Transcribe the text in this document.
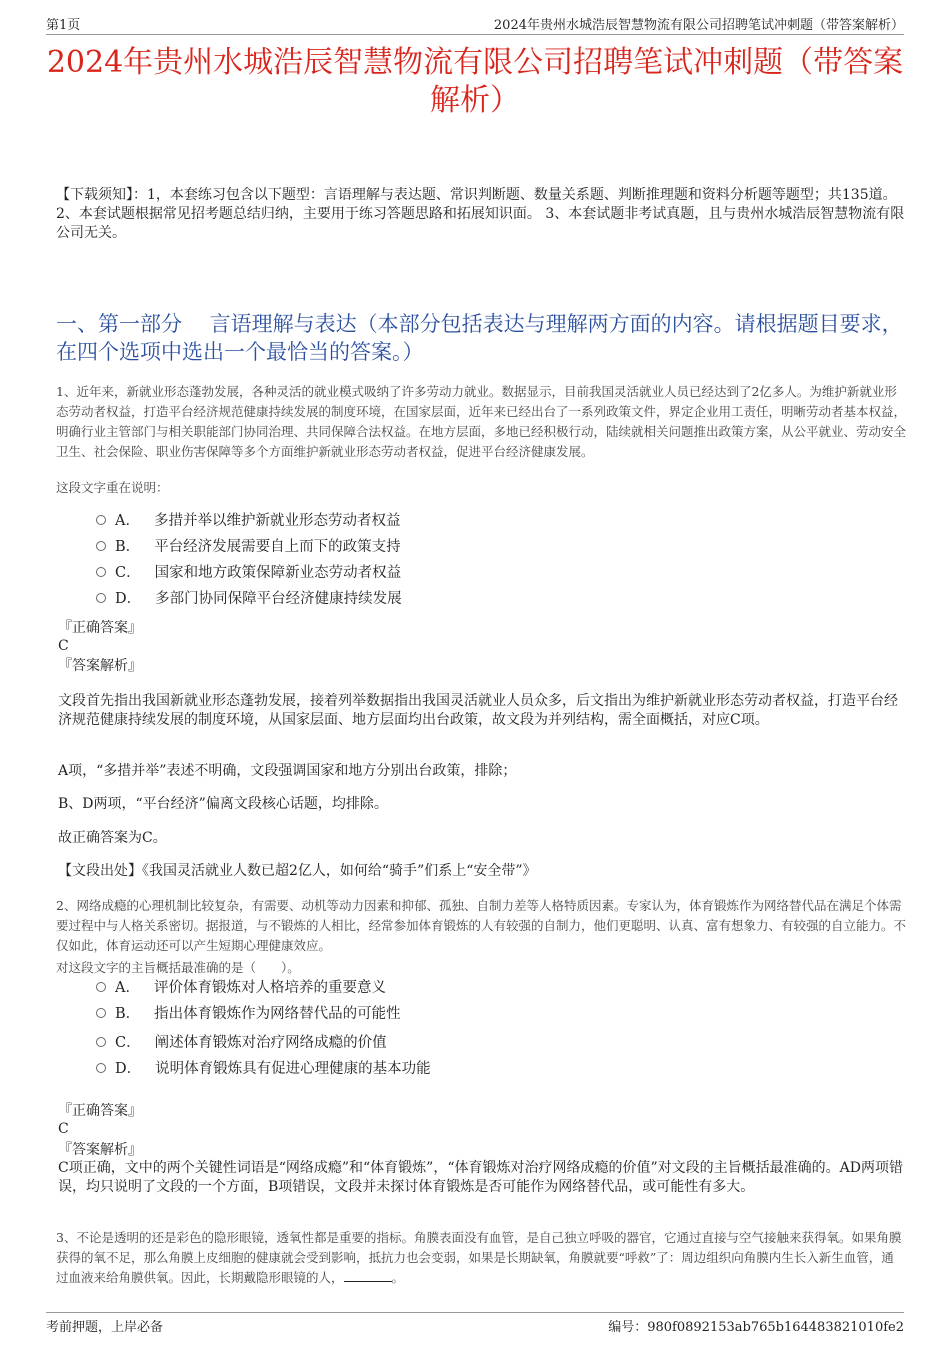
第1页	2024年贵州水城浩辰智慧物流有限公司招聘笔试冲刺题（带答案解析）
2024年贵州水城浩辰智慧物流有限公司招聘笔试冲刺题（带答案解析）

【下载须知】：1，本套练习包含以下题型：言语理解与表达题、常识判断题、数量关系题、判断推理题和资料分析题等题型；共135道。 2、本套试题根据常见招考题总结归纳，主要用于练习答题思路和拓展知识面。 3、本套试题非考试真题，且与贵州水城浩辰智慧物流有限公司无关。

一、第一部分　 言语理解与表达（本部分包括表达与理解两方面的内容。请根据题目要求，在四个选项中选出一个最恰当的答案。）

1、近年来，新就业形态蓬勃发展，各种灵活的就业模式吸纳了许多劳动力就业。数据显示，目前我国灵活就业人员已经达到了2亿多人。为维护新就业形态劳动者权益，打造平台经济规范健康持续发展的制度环境，在国家层面，近年来已经出台了一系列政策文件，界定企业用工责任，明晰劳动者基本权益，明确行业主管部门与相关职能部门协同治理、共同保障合法权益。在地方层面，多地已经积极行动，陆续就相关问题推出政策方案，从公平就业、劳动安全卫生、社会保险、职业伤害保障等多个方面维护新就业形态劳动者权益，促进平台经济健康发展。

这段文字重在说明：

A． 多措并举以维护新就业形态劳动者权益
B． 平台经济发展需要自上而下的政策支持
C． 国家和地方政策保障新业态劳动者权益
D． 多部门协同保障平台经济健康持续发展

『正确答案』

C

『答案解析』

文段首先指出我国新就业形态蓬勃发展，接着列举数据指出我国灵活就业人员众多，后文指出为维护新就业形态劳动者权益，打造平台经济规范健康持续发展的制度环境，从国家层面、地方层面均出台政策，故文段为并列结构，需全面概括，对应C项。

A项，“多措并举”表述不明确，文段强调国家和地方分别出台政策，排除；

B、D两项，“平台经济”偏离文段核心话题，均排除。

故正确答案为C。

【文段出处】《我国灵活就业人数已超2亿人，如何给“骑手”们系上“安全带”》

2、网络成瘾的心理机制比较复杂，有需要、动机等动力因素和抑郁、孤独、自制力差等人格特质因素。专家认为，体育锻炼作为网络替代品在满足个体需要过程中与人格关系密切。据报道，与不锻炼的人相比，经常参加体育锻炼的人有较强的自制力，他们更聪明、认真、富有想象力、有较强的自立能力。不仅如此，体育运动还可以产生短期心理健康效应。

对这段文字的主旨概括最准确的是（　　）。

A． 评价体育锻炼对人格培养的重要意义
B． 指出体育锻炼作为网络替代品的可能性
C． 阐述体育锻炼对治疗网络成瘾的价值
D． 说明体育锻炼具有促进心理健康的基本功能

『正确答案』

C

『答案解析』

C项正确，文中的两个关键性词语是“网络成瘾”和“体育锻炼”，“体育锻炼对治疗网络成瘾的价值”对文段的主旨概括最准确的。AD两项错误，均只说明了文段的一个方面，B项错误，文段并未探讨体育锻炼是否可能作为网络替代品，或可能性有多大。

3、不论是透明的还是彩色的隐形眼镜，透氧性都是重要的指标。角膜表面没有血管，是自己独立呼吸的器官，它通过直接与空气接触来获得氧。如果角膜获得的氧不足，那么角膜上皮细胞的健康就会受到影响，抵抗力也会变弱，如果是长期缺氧，角膜就要“呼救”了：周边组织向角膜内生长入新生血管，通过血液来给角膜供氧。因此，长期戴隐形眼镜的人，	。

考前押题，上岸必备	编号：980f0892153ab765b164483821010fe2
